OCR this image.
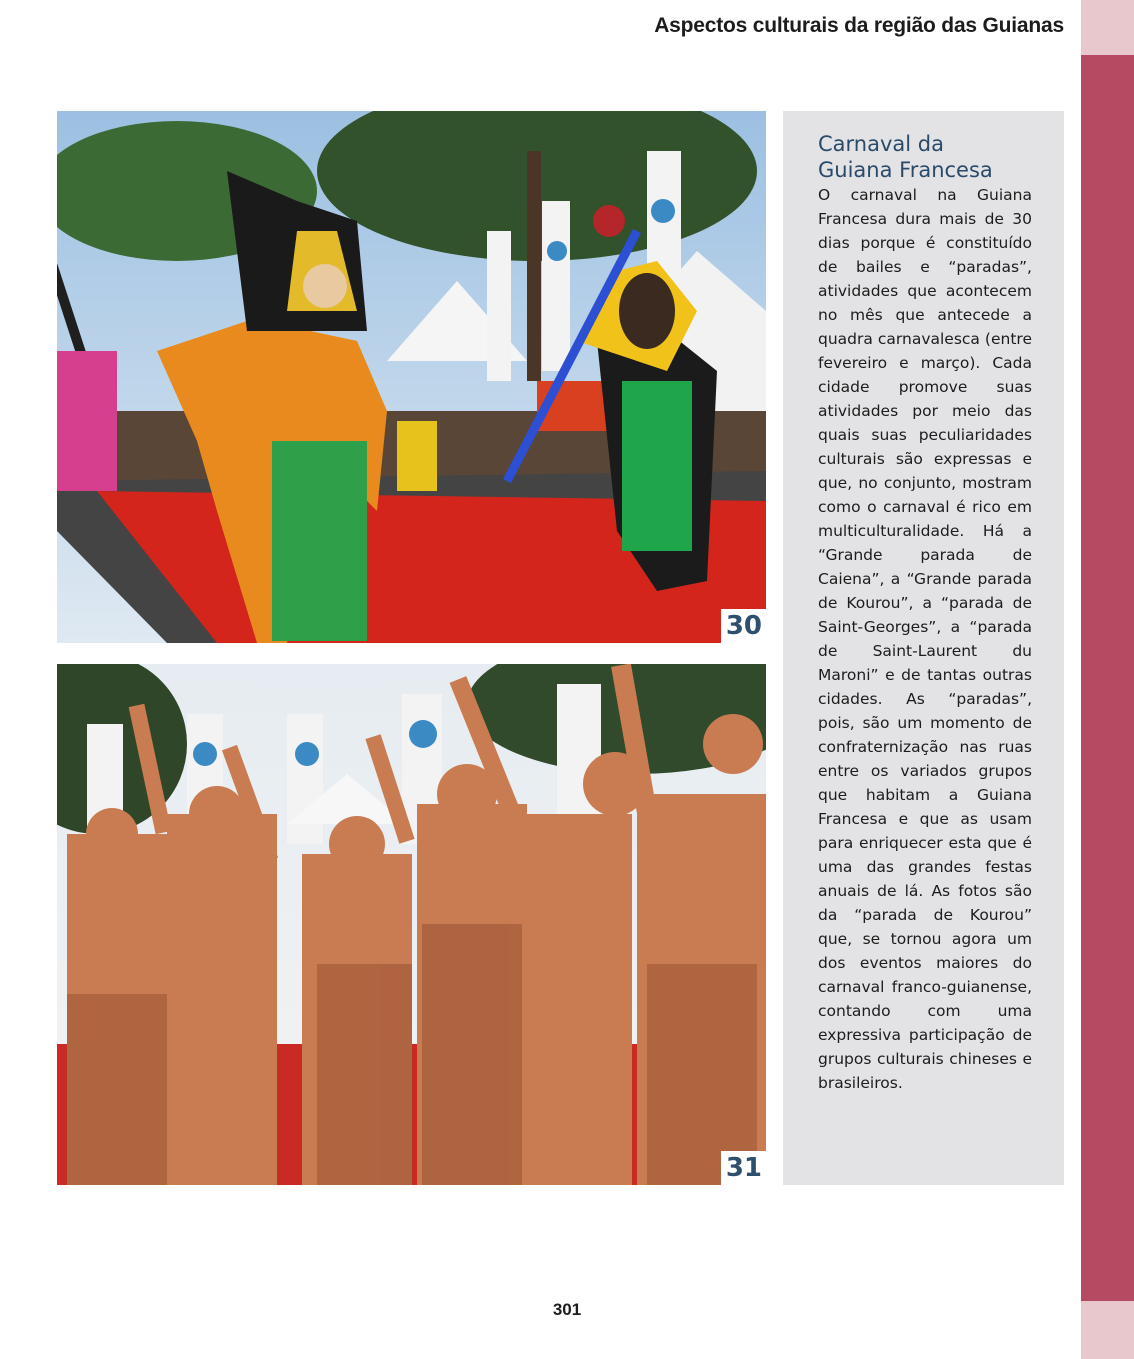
Aspectos culturais da região das Guianas
30
31
Carnaval da
Guiana Francesa

O carnaval na Guiana Francesa dura mais de 30 dias porque é constituído de bailes e “paradas”, atividades que acontecem no mês que antecede a quadra carnavalesca (entre fevereiro e março). Cada cidade promove suas atividades por meio das quais suas peculiaridades culturais são expressas e que, no conjunto, mostram como o carnaval é rico em multiculturalidade. Há a “Grande parada de Caiena”, a “Grande parada de Kourou”, a “parada de Saint-Georges”, a “parada de Saint-Laurent du Maroni” e de tantas outras cidades. As “paradas”, pois, são um momento de confraternização nas ruas entre os variados grupos que habitam a Guiana Francesa e que as usam para enriquecer esta que é uma das grandes festas anuais de lá. As fotos são da “parada de Kourou” que, se tornou agora um dos eventos maiores do carnaval franco-guianense, contando com uma expressiva participação de grupos culturais chineses e brasileiros.

301
